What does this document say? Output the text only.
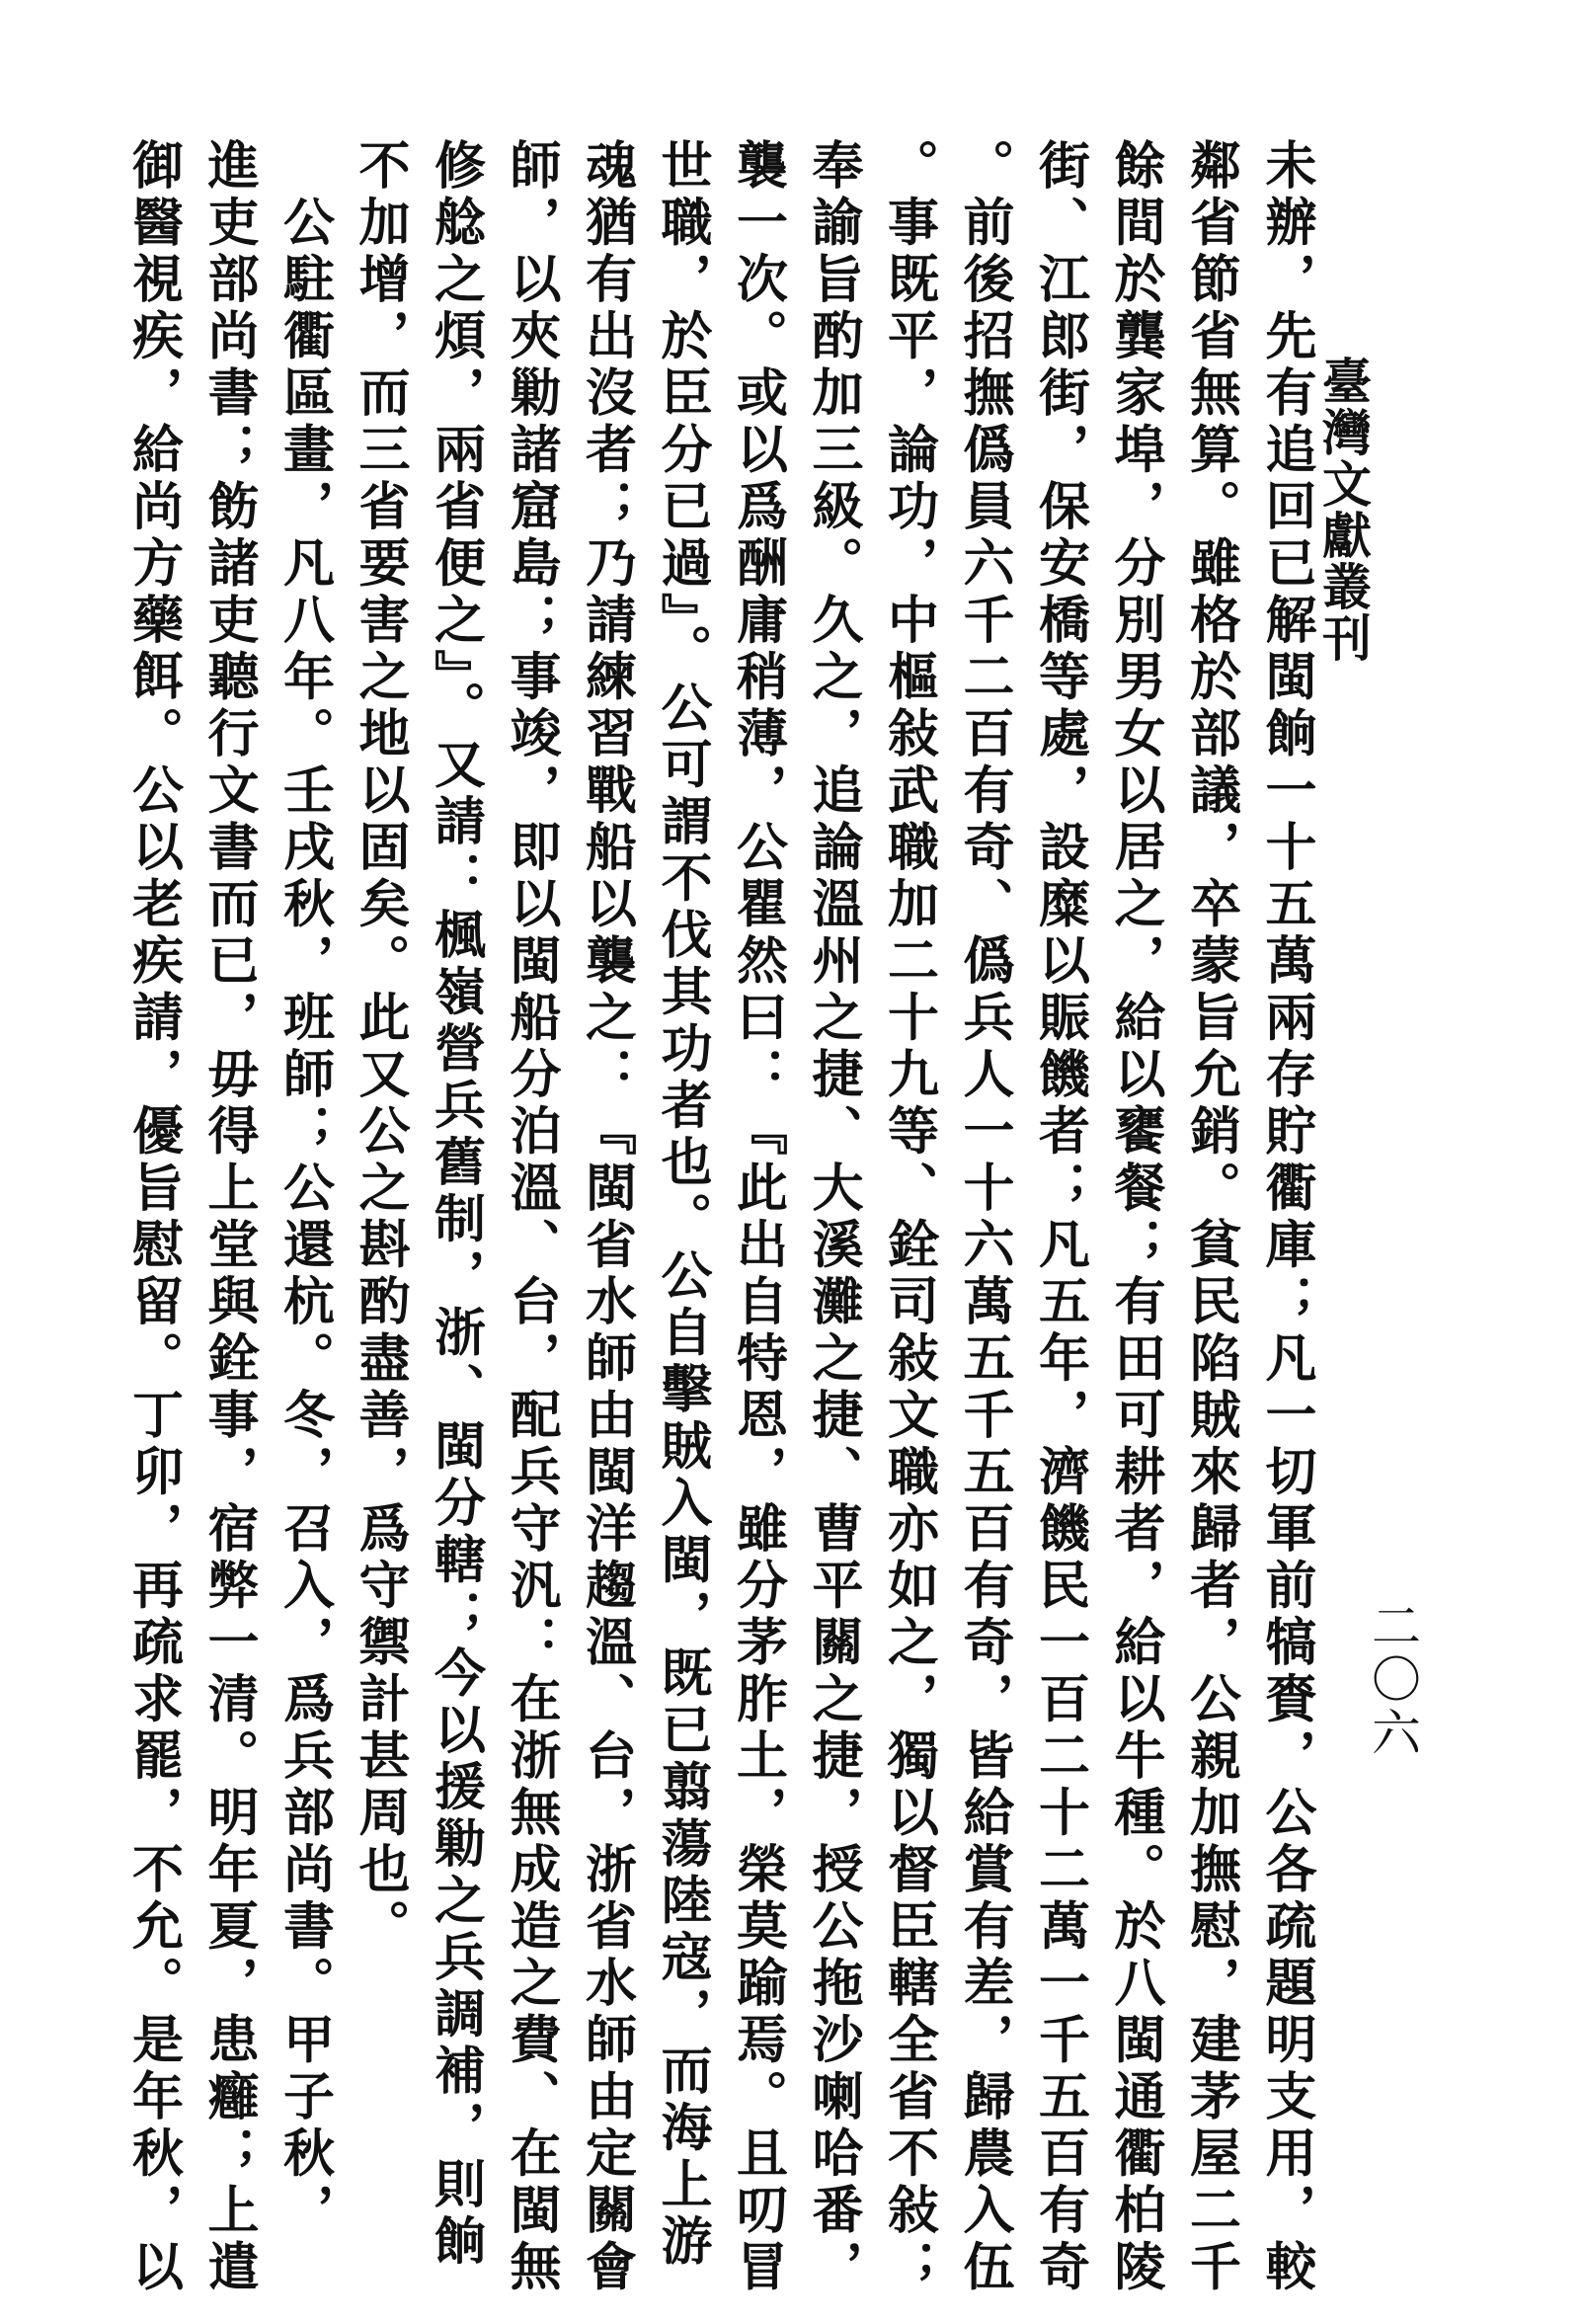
臺灣文獻叢刊
二〇六
未辦，先有追回已解閩餉一十五萬兩存貯衢庫；凡一切軍前犒賚，公各疏題明支用，較
鄰省節省無算。雖格於部議，卒蒙旨允銷。貧民陷賊來歸者，公親加撫慰，建茅屋二千
餘間於龔家埠，分別男女以居之，給以饔餐；有田可耕者，給以牛種。於八閩通衢柏陵
街、江郎街，保安橋等處，設糜以賑饑者；凡五年，濟饑民一百二十二萬一千五百有奇
。前後招撫僞員六千二百有奇、僞兵人一十六萬五千五百有奇，皆給賞有差，歸農入伍
。事既平，論功，中樞敍武職加二十九等、銓司敍文職亦如之，獨以督臣轄全省不敍；
奉諭旨酌加三級。久之，追論溫州之捷、大溪灘之捷、曹平關之捷，授公拖沙喇哈番，
襲一次。或以爲酬庸稍薄，公瞿然曰：『此出自特恩，雖分茅胙土，榮莫踰焉。且叨冒
世職，於臣分已過』。公可謂不伐其功者也。公自擊賊入閩，既已翦蕩陸寇，而海上游
魂猶有出沒者；乃請練習戰船以襲之：『閩省水師由閩洋趨溫、台，浙省水師由定關會
師，以夾勦諸窟島；事竣，即以閩船分泊溫、台，配兵守汎：在浙無成造之費、在閩無
修艌之煩，兩省便之』。又請：楓嶺營兵舊制，浙、閩分轄；今以援勦之兵調補，則餉
不加增，而三省要害之地以固矣。此又公之斟酌盡善，爲守禦計甚周也。
　公駐衢區畫，凡八年。壬戌秋，班師；公還杭。冬，召入，爲兵部尚書。甲子秋，
進吏部尚書；飭諸吏聽行文書而已，毋得上堂與銓事，宿弊一清。明年夏，患癰；上遣
御醫視疾，給尚方藥餌。公以老疾請，優旨慰留。丁卯，再疏求罷，不允。是年秋，以
